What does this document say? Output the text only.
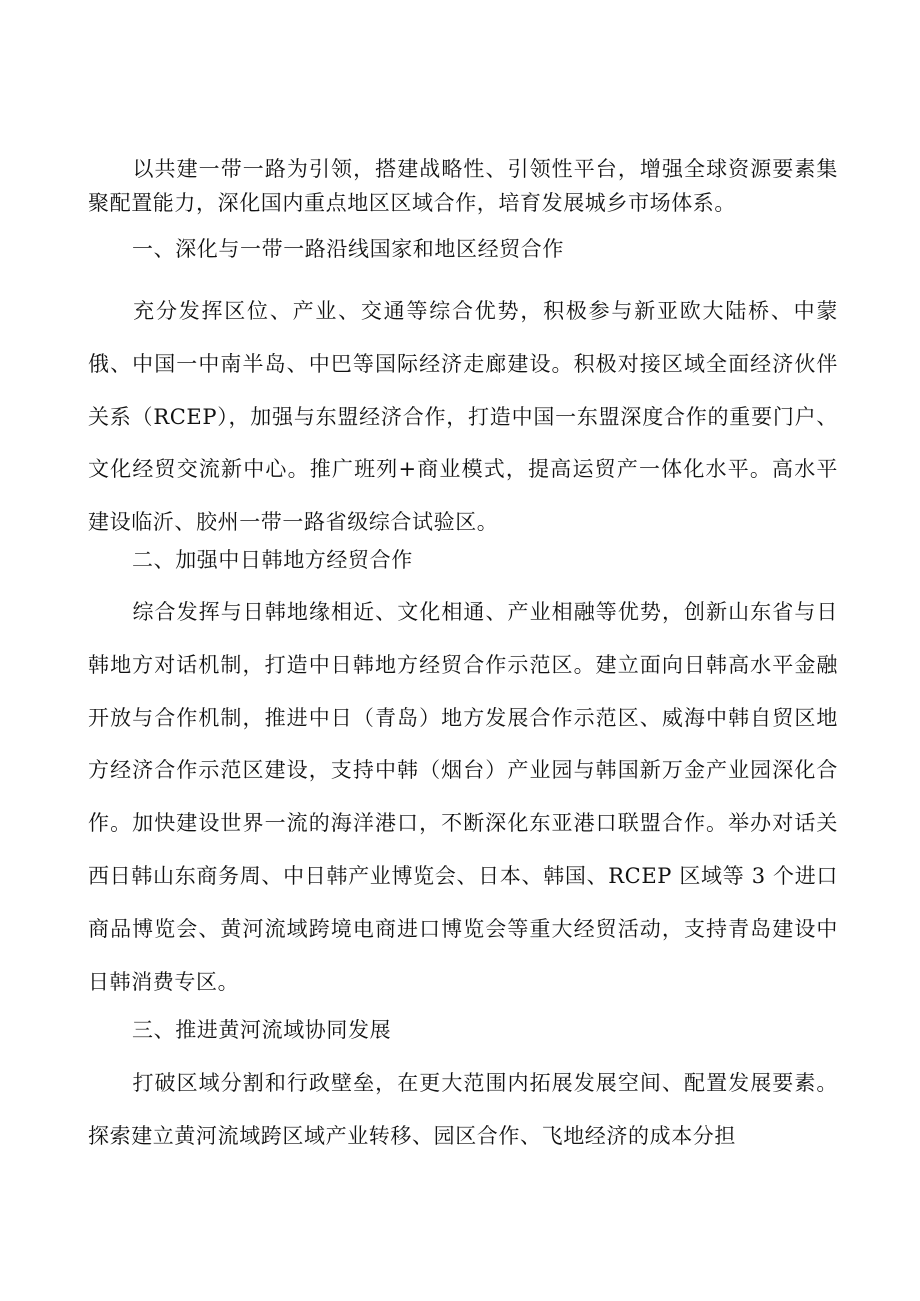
以共建一带一路为引领，搭建战略性、引领性平台，增强全球资源要素集聚配置能力，深化国内重点地区区域合作，培育发展城乡市场体系。

一、深化与一带一路沿线国家和地区经贸合作

充分发挥区位、产业、交通等综合优势，积极参与新亚欧大陆桥、中蒙俄、中国一中南半岛、中巴等国际经济走廊建设。积极对接区域全面经济伙伴关系（RCEP），加强与东盟经济合作，打造中国一东盟深度合作的重要门户、文化经贸交流新中心。推广班列+商业模式，提高运贸产一体化水平。高水平建设临沂、胶州一带一路省级综合试验区。

二、加强中日韩地方经贸合作

综合发挥与日韩地缘相近、文化相通、产业相融等优势，创新山东省与日韩地方对话机制，打造中日韩地方经贸合作示范区。建立面向日韩高水平金融开放与合作机制，推进中日（青岛）地方发展合作示范区、威海中韩自贸区地方经济合作示范区建设，支持中韩（烟台）产业园与韩国新万金产业园深化合作。加快建设世界一流的海洋港口，不断深化东亚港口联盟合作。举办对话关西日韩山东商务周、中日韩产业博览会、日本、韩国、RCEP 区域等 3 个进口商品博览会、黄河流域跨境电商进口博览会等重大经贸活动，支持青岛建设中日韩消费专区。

三、推进黄河流域协同发展

打破区域分割和行政壁垒，在更大范围内拓展发展空间、配置发展要素。探索建立黄河流域跨区域产业转移、园区合作、飞地经济的成本分担
